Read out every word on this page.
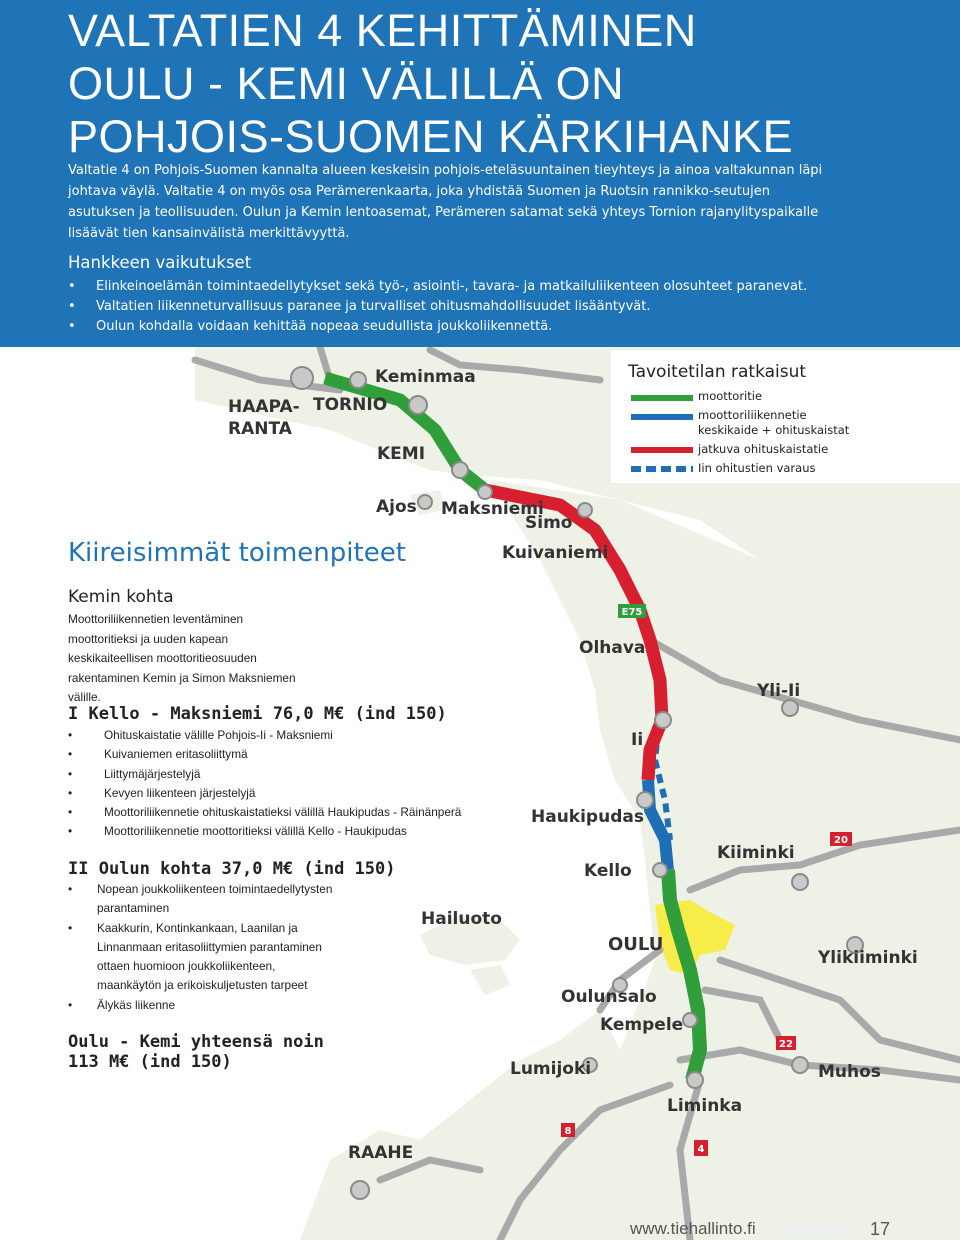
VALTATIEN 4 KEHITTÄMINEN
OULU - KEMI VÄLILLÄ ON
POHJOIS-SUOMEN KÄRKIHANKE

Valtatie 4 on Pohjois-Suomen kannalta alueen keskeisin pohjois-eteläsuuntainen tieyhteys ja ainoa valtakunnan läpi johtava väylä. Valtatie 4 on myös osa Perämerenkaarta, joka yhdistää Suomen ja Ruotsin rannikko-seutujen asutuksen ja teollisuuden. Oulun ja Kemin lentoasemat, Perämeren satamat sekä yhteys Tornion rajanylityspaikalle lisäävät tien kansainvälistä merkittävyyttä.

Hankkeen vaikutukset
• Elinkeinoelämän toimintaedellytykset sekä työ-, asiointi-, tavara- ja matkailuliikenteen olosuhteet paranevat.
• Valtatien liikenneturvallisuus paranee ja turvalliset ohitusmahdollisuudet lisääntyvät.
• Oulun kohdalla voidaan kehittää nopeaa seudullista joukkoliikennettä.
E75
20
22
8
4
Keminmaa
HAAPA- RANTA
TORNIO
KEMI
Ajos Maksniemi
Simo
Kuivaniemi
Olhava
Yli-Ii
Ii
Haukipudas
Kiiminki
Kello
Hailuoto
OULU
Ylikiiminki
Oulunsalo
Kempele
Lumijoki	Muhos
Liminka
RAAHE
Tavoitetilan ratkaisut
moottoritie
moottoriliikennetie
keskikaide + ohituskaistat
jatkuva ohituskaistatie
Iin ohitustien varaus
Kiireisimmät toimenpiteet
Kemin kohta
Moottoriliikennetien leventäminen moottoritieksi ja uuden kapean keskikaiteellisen moottoritieosuuden rakentaminen Kemin ja Simon Maksniemen välille.
I Kello - Maksniemi 76,0 M€ (ind 150)
• Ohituskaistatie välille Pohjois-Ii - Maksniemi
• Kuivaniemen eritasoliittymä
• Liittymäjärjestelyjä
• Kevyen liikenteen järjestelyjä
• Moottoriliikennetie ohituskaistatieksi välillä Haukipudas - Räinänperä
• Moottoriliikennetie moottoritieksi välillä Kello - Haukipudas
II Oulun kohta 37,0 M€ (ind 150)
• Nopean joukkoliikenteen toimintaedellytysten parantaminen
• Kaakkurin, Kontinkankaan, Laanilan ja Linnanmaan eritasoliittymien parantaminen ottaen huomioon joukkoliikenteen, maankäytön ja erikoiskuljetusten tarpeet
• Älykäs liikenne

Oulu - Kemi yhteensä noin
113 M€ (ind 150)

www.tiehallinto.fi	17
